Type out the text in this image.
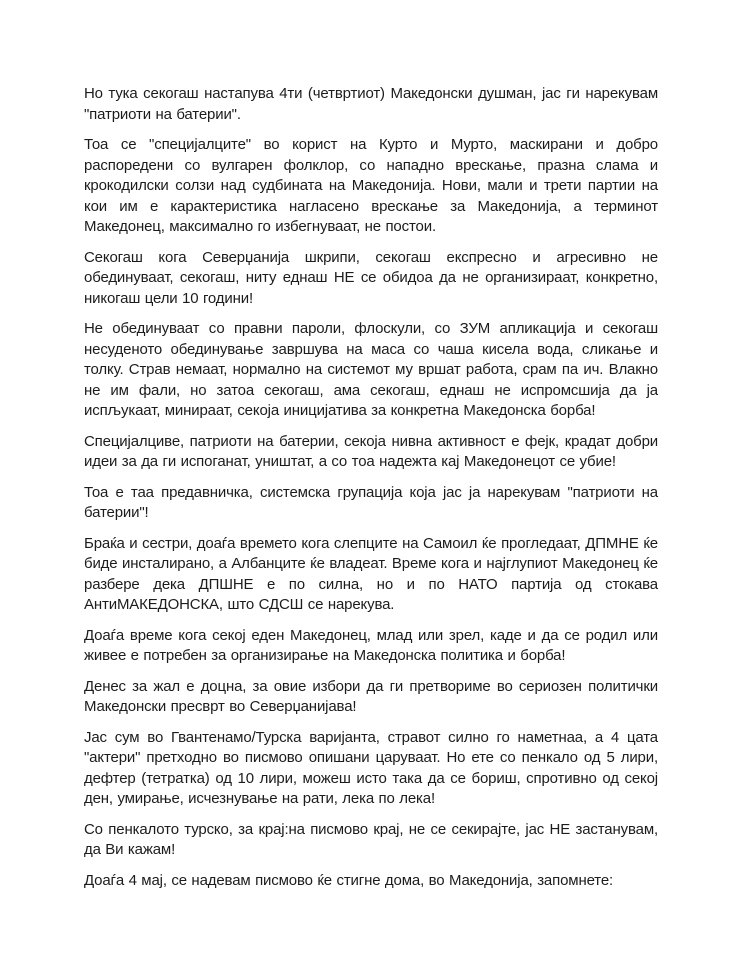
Но тука секогаш настапува 4ти (четвртиот) Македонски душман, јас ги нарекувам "патриоти на батерии".

Тоа се "специјалците" во корист на Курто и Мурто, маскирани и добро распоредени со вулгарен фолклор, со нападно врескање, празна слама и крокодилски солзи над судбината на Македонија. Нови, мали и трети партии на кои им е карактеристика нагласено врескање за Македонија, а терминот Македонец, максимално го избегнуваат, не постои.

Секогаш кога Северџанија шкрипи, секогаш експресно и агресивно не обединуваат, секогаш, ниту еднаш НЕ се обидоа да не организираат, конкретно, никогаш цели 10 години!

Не обединуваат со правни пароли, флоскули, со ЗУМ апликација и секогаш несуденото обединување завршува на маса со чаша кисела вода, сликање и толку. Страв немаат, нормално на системот му вршат работа, срам па ич. Влакно не им фали, но затоа секогаш, ама секогаш, еднаш не испромсшија да ја испљукаат, минираат, секоја иницијатива за конкретна Македонска борба!

Специјалциве, патриоти на батерии, секоја нивна активност е фејк, крадат добри идеи за да ги испоганат, уништат, а со тоа надежта кај Македонецот се убие!

Тоа е таа предавничка, системска групација која јас ја нарекувам "патриоти на батерии"!

Браќа и сестри, доаѓа времето кога слепците на Самоил ќе прогледаат, ДПМНЕ ќе биде инсталирано, а Албанците ќе владеат. Време кога и најглупиот Македонец ќе разбере дека ДПШНЕ е по силна, но и по НАТО партија од стокава АнтиМАКЕДОНСКА, што СДСШ се нарекува.

Доаѓа време кога секој еден Македонец, млад или зрел, каде и да се родил или живее е потребен за организирање на Македонска политика и борба!

Денес за жал е доцна, за овие избори да ги претвориме во сериозен политички Македонски пресврт во Северџанијава!

Јас сум во Гвантенамо/Турска варијанта, стравот силно го наметнаа, а 4 цата "актери" претходно во писмово опишани царуваат. Но ете со пенкало од 5 лири, дефтер (тетратка) од 10 лири, можеш исто така да се бориш, спротивно од секој ден, умирање, исчезнување на рати, лека по лека!

Со пенкалото турско, за крај:на писмово крај, не се секирајте, јас НЕ застанувам, да Ви кажам!

Доаѓа 4 мај, се надевам писмово ќе стигне дома, во Македонија, запомнете:
